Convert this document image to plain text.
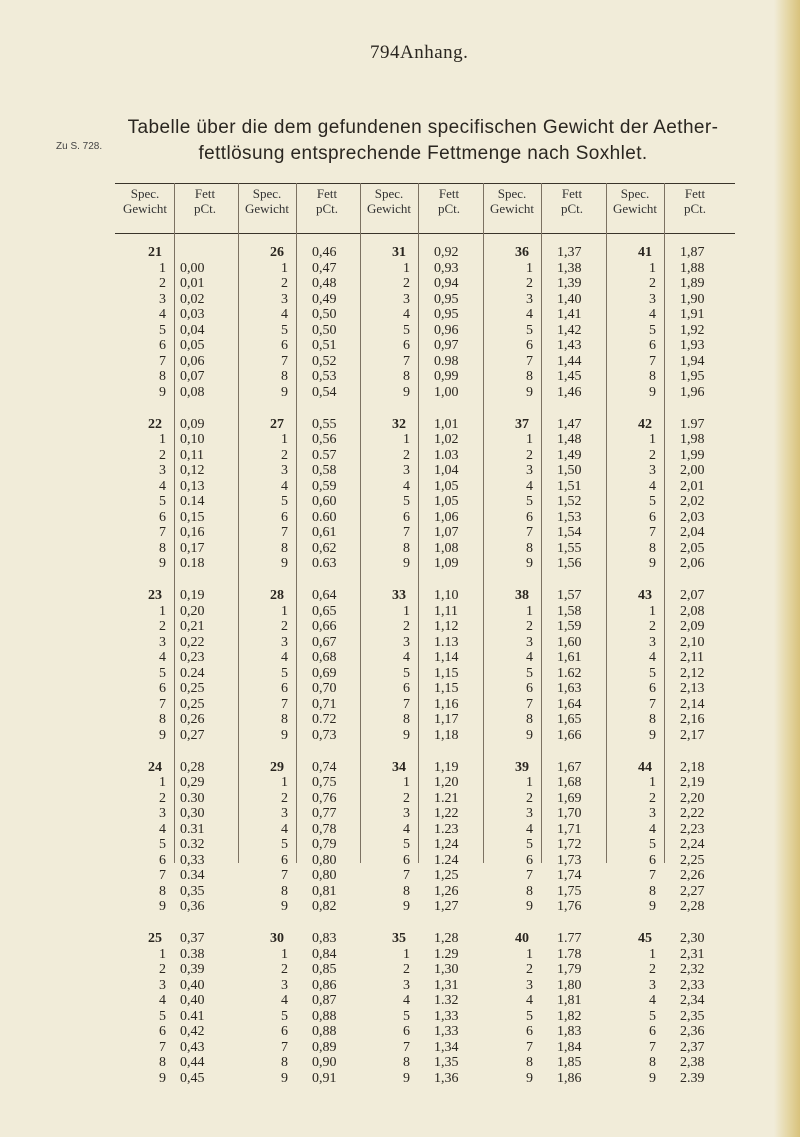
794 Anhang.
Zu S. 728.
Tabelle über die dem gefundenen specifischen Gewicht der Aether-
fettlösung entsprechende Fettmenge nach Soxhlet.
Spec.
Gewicht
Fett
pCt.
Spec.
Gewicht
Fett
pCt.
Spec.
Gewicht
Fett
pCt.
Spec.
Gewicht
Fett
pCt.
Spec.
Gewicht
Fett
pCt.
21
1 0,00
2 0,01
3 0,02
4 0,03
5 0,04
6 0,05
7 0,06
8 0,07
9 0,08
22 0,09
1 0,10
2 0,11
3 0,12
4 0,13
5 0.14
6 0,15
7 0,16
8 0,17
9 0.18
23 0,19
1 0,20
2 0,21
3 0,22
4 0,23
5 0.24
6 0,25
7 0,25
8 0,26
9 0,27
24 0,28
1 0,29
2 0.30
3 0,30
4 0.31
5 0.32
6 0,33
7 0.34
8 0,35
9 0,36
25 0,37
1 0.38
2 0,39
3 0,40
4 0,40
5 0.41
6 0,42
7 0,43
8 0,44
9 0,45
26 0,46
1 0,47
2 0,48
3 0,49
4 0,50
5 0,50
6 0,51
7 0,52
8 0,53
9 0,54
27 0,55
1 0,56
2 0.57
3 0,58
4 0,59
5 0,60
6 0.60
7 0,61
8 0,62
9 0.63
28 0,64
1 0,65
2 0,66
3 0,67
4 0,68
5 0,69
6 0,70
7 0,71
8 0.72
9 0,73
29 0,74
1 0,75
2 0,76
3 0,77
4 0,78
5 0,79
6 0,80
7 0,80
8 0,81
9 0,82
30 0,83
1 0,84
2 0,85
3 0,86
4 0,87
5 0,88
6 0,88
7 0,89
8 0,90
9 0,91
31 0,92
1 0,93
2 0,94
3 0,95
4 0,95
5 0,96
6 0,97
7 0.98
8 0,99
9 1,00
32 1,01
1 1,02
2 1.03
3 1,04
4 1,05
5 1,05
6 1,06
7 1,07
8 1,08
9 1,09
33 1,10
1 1,11
2 1,12
3 1.13
4 1,14
5 1,15
6 1,15
7 1,16
8 1,17
9 1,18
34 1,19
1 1,20
2 1.21
3 1,22
4 1.23
5 1,24
6 1.24
7 1,25
8 1,26
9 1,27
35 1,28
1 1.29
2 1,30
3 1,31
4 1.32
5 1,33
6 1,33
7 1,34
8 1,35
9 1,36
36 1,37
1 1,38
2 1,39
3 1,40
4 1,41
5 1,42
6 1,43
7 1,44
8 1,45
9 1,46
37 1,47
1 1,48
2 1,49
3 1,50
4 1,51
5 1,52
6 1,53
7 1,54
8 1,55
9 1,56
38 1,57
1 1,58
2 1,59
3 1,60
4 1,61
5 1.62
6 1,63
7 1,64
8 1,65
9 1,66
39 1,67
1 1,68
2 1,69
3 1,70
4 1,71
5 1,72
6 1,73
7 1,74
8 1,75
9 1,76
40 1.77
1 1.78
2 1,79
3 1,80
4 1,81
5 1,82
6 1,83
7 1,84
8 1,85
9 1,86
41 1,87
1 1,88
2 1,89
3 1,90
4 1,91
5 1,92
6 1,93
7 1,94
8 1,95
9 1,96
42 1.97
1 1,98
2 1,99
3 2,00
4 2,01
5 2,02
6 2,03
7 2,04
8 2,05
9 2,06
43 2,07
1 2,08
2 2,09
3 2,10
4 2,11
5 2,12
6 2,13
7 2,14
8 2,16
9 2,17
44 2,18
1 2,19
2 2,20
3 2,22
4 2,23
5 2,24
6 2,25
7 2,26
8 2,27
9 2,28
45 2,30
1 2,31
2 2,32
3 2,33
4 2,34
5 2,35
6 2,36
7 2,37
8 2,38
9 2.39
